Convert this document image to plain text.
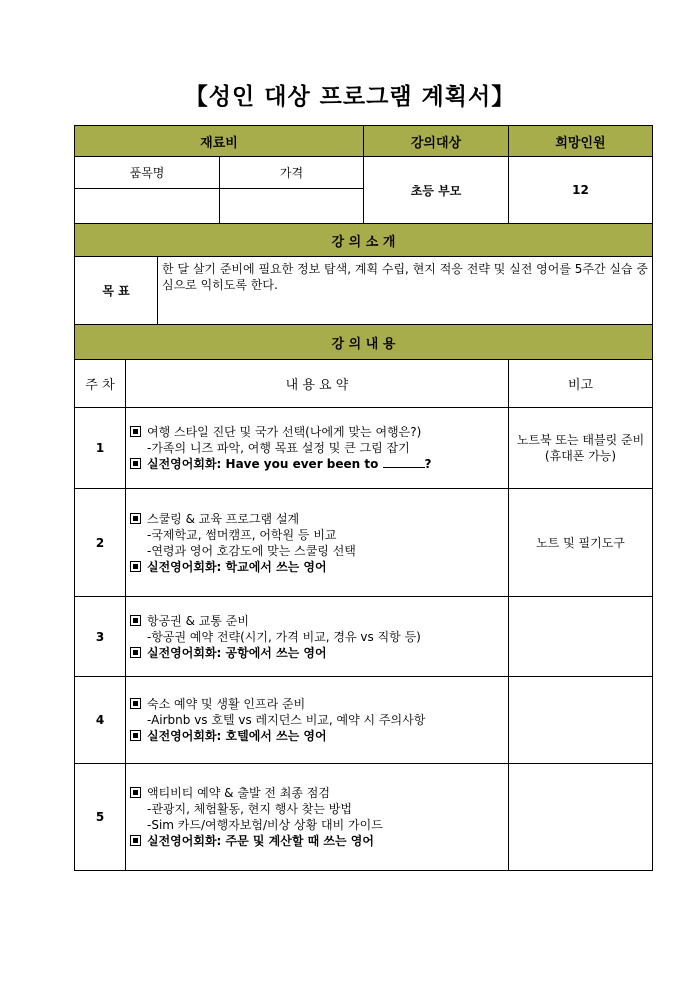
【성인 대상 프로그램 계획서】
재료비				강의대상	희망인원
품목명			가격	초등 부모	12

강 의 소 개					
목 표		한 달 살기 준비에 필요한 정보 탐색, 계획 수립, 현지 적응 전략 및 실전 영어를 5주간 실습 중심으로 익히도록 한다.			
강 의 내 용					
주 차	내 용 요 약				비고
1	여행 스타일 진단 및 국가 선택(나에게 맞는 여행은?)
-가족의 니즈 파악, 여행 목표 설정 및 큰 그림 잡기
실전영어회화: Have you ever been to ?				노트북 또는 태블릿 준비 (휴대폰 가능)
2	스쿨링 & 교육 프로그램 설계
-국제학교, 썸머캠프, 어학원 등 비교
-연령과 영어 호감도에 맞는 스쿨링 선택
실전영어회화: 학교에서 쓰는 영어				노트 및 필기도구
3	항공권 & 교통 준비
-항공권 예약 전략(시기, 가격 비교, 경유 vs 직항 등)
실전영어회화: 공항에서 쓰는 영어				

4	숙소 예약 및 생활 인프라 준비
-Airbnb vs 호텔 vs 레지던스 비교, 예약 시 주의사항
실전영어회화: 호텔에서 쓰는 영어				

5	액티비티 예약 & 출발 전 최종 점검
-관광지, 체험활동, 현지 행사 찾는 방법
-Sim 카드/여행자보험/비상 상황 대비 가이드
실전영어회화: 주문 및 계산할 때 쓰는 영어				
